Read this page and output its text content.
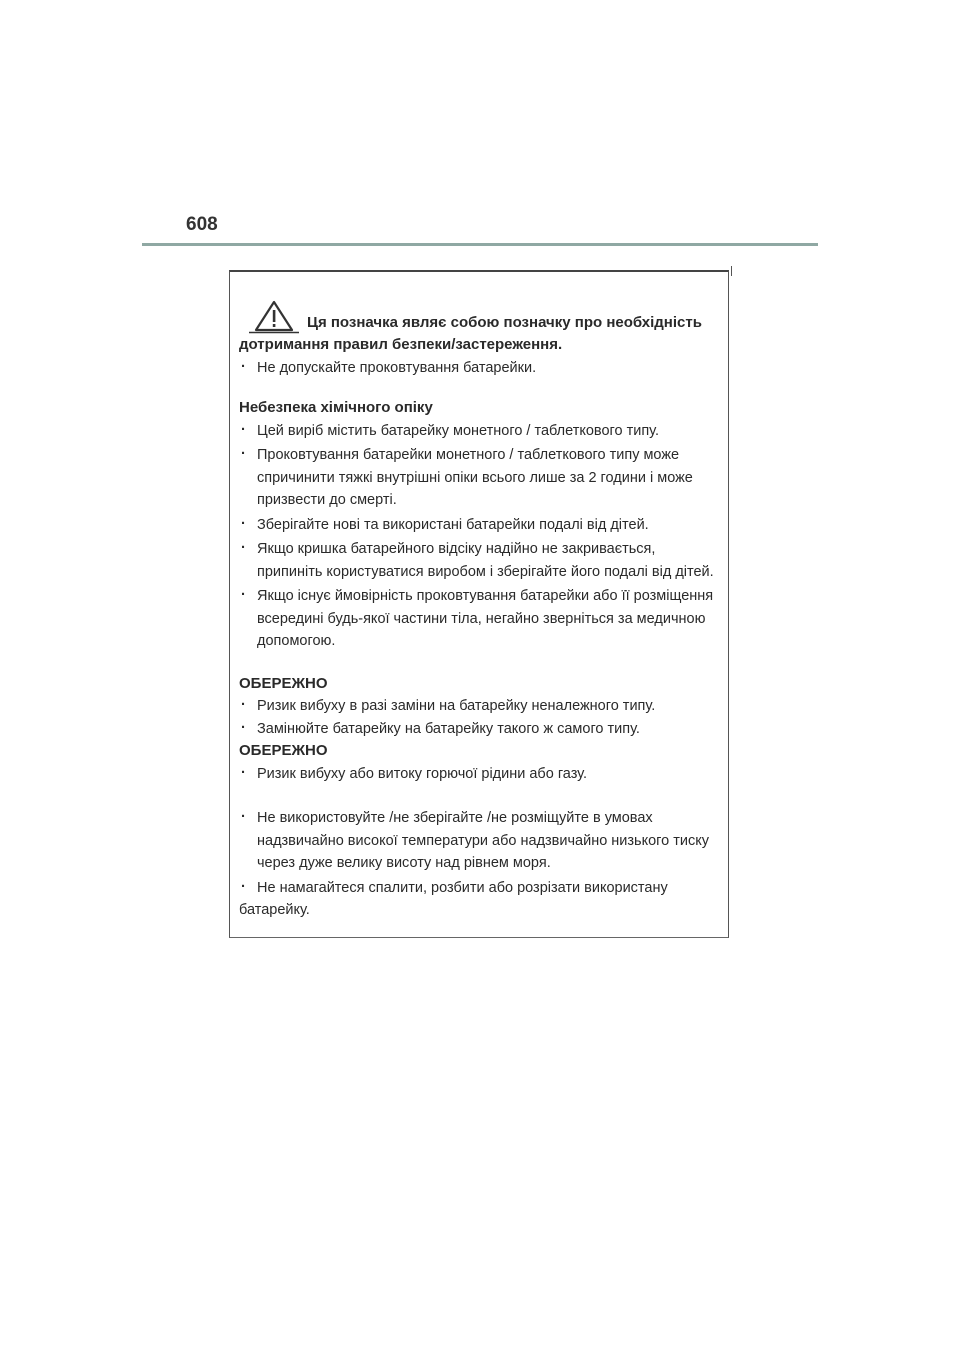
608
Ця позначка являє собою позначку про необхідність
дотримання правил безпеки/застереження.
· Не допускайте проковтування батарейки.
Небезпека хімічного опіку
· Цей виріб містить батарейку монетного / таблеткового типу.
· Проковтування батарейки монетного / таблеткового типу може спричинити тяжкі внутрішні опіки всього лише за 2 години і може призвести до смерті.
· Зберігайте нові та використані батарейки подалі від дітей.
· Якщо кришка батарейного відсіку надійно не закривається, припиніть користуватися виробом і зберігайте його подалі від дітей.
· Якщо існує ймовірність проковтування батарейки або її розміщення всередині будь-якої частини тіла, негайно зверніться за медичною допомогою.
ОБЕРЕЖНО
· Ризик вибуху в разі заміни на батарейку неналежного типу.
· Замінюйте батарейку на батарейку такого ж самого типу.
ОБЕРЕЖНО
· Ризик вибуху або витоку горючої рідини або газу.
· Не використовуйте /не зберігайте /не розміщуйте в умовах надзвичайно високої температури або надзвичайно низького тиску через дуже велику висоту над рівнем моря.
· Не намагайтеся спалити, розбити або розрізати використану
батарейку.
